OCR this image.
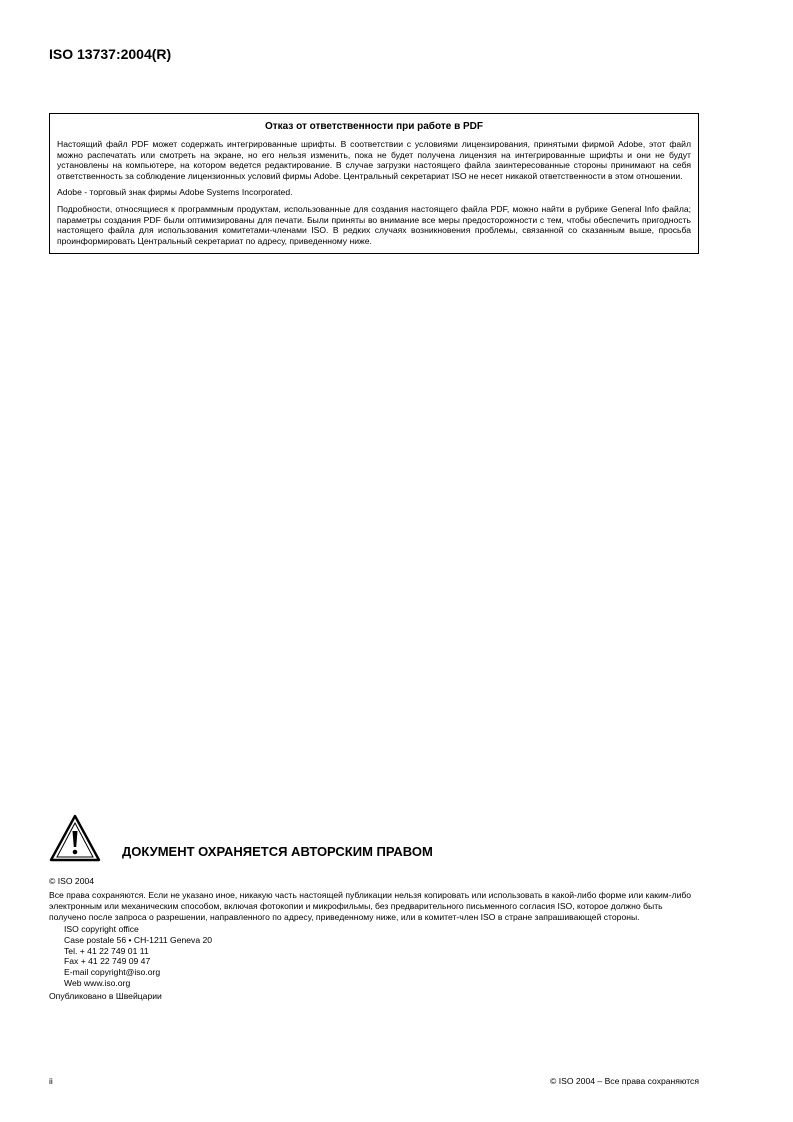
ISO 13737:2004(R)
Отказ от ответственности при работе в PDF

Настоящий файл PDF может содержать интегрированные шрифты. В соответствии с условиями лицензирования, принятыми фирмой Adobe, этот файл можно распечатать или смотреть на экране, но его нельзя изменить, пока не будет получена лицензия на интегрированные шрифты и они не будут установлены на компьютере, на котором ведется редактирование. В случае загрузки настоящего файла заинтересованные стороны принимают на себя ответственность за соблюдение лицензионных условий фирмы Adobe. Центральный секретариат ISO не несет никакой ответственности в этом отношении.

Adobe - торговый знак фирмы Adobe Systems Incorporated.

Подробности, относящиеся к программным продуктам, использованные для создания настоящего файла PDF, можно найти в рубрике General Info файла; параметры создания PDF были оптимизированы для печати. Были приняты во внимание все меры предосторожности с тем, чтобы обеспечить пригодность настоящего файла для использования комитетами-членами ISO. В редких случаях возникновения проблемы, связанной со сказанным выше, просьба проинформировать Центральный секретариат по адресу, приведенному ниже.

ДОКУМЕНТ ОХРАНЯЕТСЯ АВТОРСКИМ ПРАВОМ

© ISO 2004

Все права сохраняются. Если не указано иное, никакую часть настоящей публикации нельзя копировать или использовать в какой-либо форме или каким-либо электронным или механическим способом, включая фотокопии и микрофильмы, без предварительного письменного согласия ISO, которое должно быть получено после запроса о разрешении, направленного по адресу, приведенному ниже, или в комитет-член ISO в стране запрашивающей стороны.

ISO copyright office
Case postale 56 • CH-1211 Geneva 20
Tel. + 41 22 749 01 11
Fax + 41 22 749 09 47
E-mail copyright@iso.org
Web www.iso.org

Опубликовано в Швейцарии

ii	© ISO 2004 – Все права сохраняются
